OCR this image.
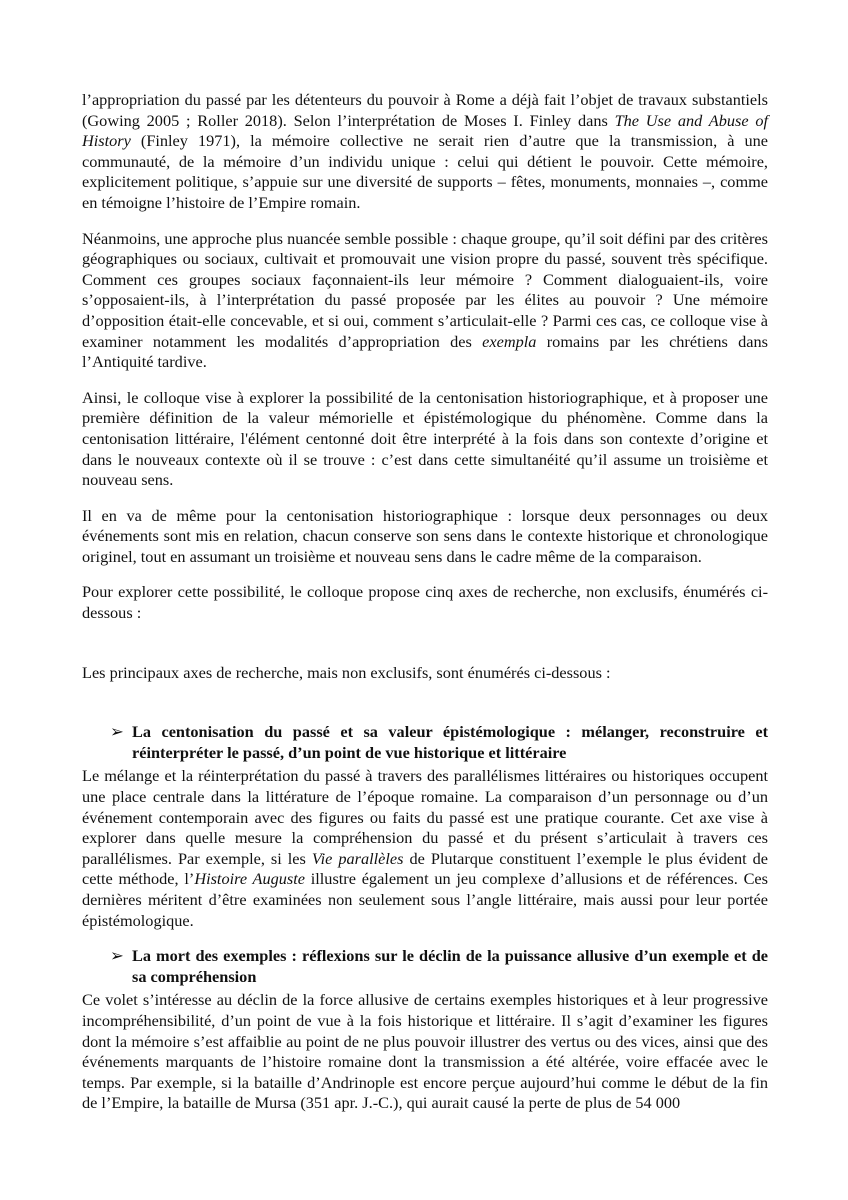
l’appropriation du passé par les détenteurs du pouvoir à Rome a déjà fait l’objet de travaux substantiels (Gowing 2005 ; Roller 2018). Selon l’interprétation de Moses I. Finley dans The Use and Abuse of History (Finley 1971), la mémoire collective ne serait rien d’autre que la transmission, à une communauté, de la mémoire d’un individu unique : celui qui détient le pouvoir. Cette mémoire, explicitement politique, s’appuie sur une diversité de supports – fêtes, monuments, monnaies –, comme en témoigne l’histoire de l’Empire romain.

Néanmoins, une approche plus nuancée semble possible : chaque groupe, qu’il soit défini par des critères géographiques ou sociaux, cultivait et promouvait une vision propre du passé, souvent très spécifique. Comment ces groupes sociaux façonnaient-ils leur mémoire ? Comment dialoguaient-ils, voire s’opposaient-ils, à l’interprétation du passé proposée par les élites au pouvoir ? Une mémoire d’opposition était-elle concevable, et si oui, comment s’articulait-elle ? Parmi ces cas, ce colloque vise à examiner notamment les modalités d’appropriation des exempla romains par les chrétiens dans l’Antiquité tardive.

Ainsi, le colloque vise à explorer la possibilité de la centonisation historiographique, et à proposer une première définition de la valeur mémorielle et épistémologique du phénomène. Comme dans la centonisation littéraire, l'élément centonné doit être interprété à la fois dans son contexte d’origine et dans le nouveaux contexte où il se trouve : c’est dans cette simultanéité qu’il assume un troisième et nouveau sens.

Il en va de même pour la centonisation historiographique : lorsque deux personnages ou deux événements sont mis en relation, chacun conserve son sens dans le contexte historique et chronologique originel, tout en assumant un troisième et nouveau sens dans le cadre même de la comparaison.

Pour explorer cette possibilité, le colloque propose cinq axes de recherche, non exclusifs, énumérés ci-dessous :

Les principaux axes de recherche, mais non exclusifs, sont énumérés ci-dessous :

➢ La centonisation du passé et sa valeur épistémologique : mélanger, reconstruire et réinterpréter le passé, d’un point de vue historique et littéraire

Le mélange et la réinterprétation du passé à travers des parallélismes littéraires ou historiques occupent une place centrale dans la littérature de l’époque romaine. La comparaison d’un personnage ou d’un événement contemporain avec des figures ou faits du passé est une pratique courante. Cet axe vise à explorer dans quelle mesure la compréhension du passé et du présent s’articulait à travers ces parallélismes. Par exemple, si les Vie parallèles de Plutarque constituent l’exemple le plus évident de cette méthode, l’Histoire Auguste illustre également un jeu complexe d’allusions et de références. Ces dernières méritent d’être examinées non seulement sous l’angle littéraire, mais aussi pour leur portée épistémologique.

➢ La mort des exemples : réflexions sur le déclin de la puissance allusive d’un exemple et de sa compréhension

Ce volet s’intéresse au déclin de la force allusive de certains exemples historiques et à leur progressive incompréhensibilité, d’un point de vue à la fois historique et littéraire. Il s’agit d’examiner les figures dont la mémoire s’est affaiblie au point de ne plus pouvoir illustrer des vertus ou des vices, ainsi que des événements marquants de l’histoire romaine dont la transmission a été altérée, voire effacée avec le temps. Par exemple, si la bataille d’Andrinople est encore perçue aujourd’hui comme le début de la fin de l’Empire, la bataille de Mursa (351 apr. J.-C.), qui aurait causé la perte de plus de 54 000
